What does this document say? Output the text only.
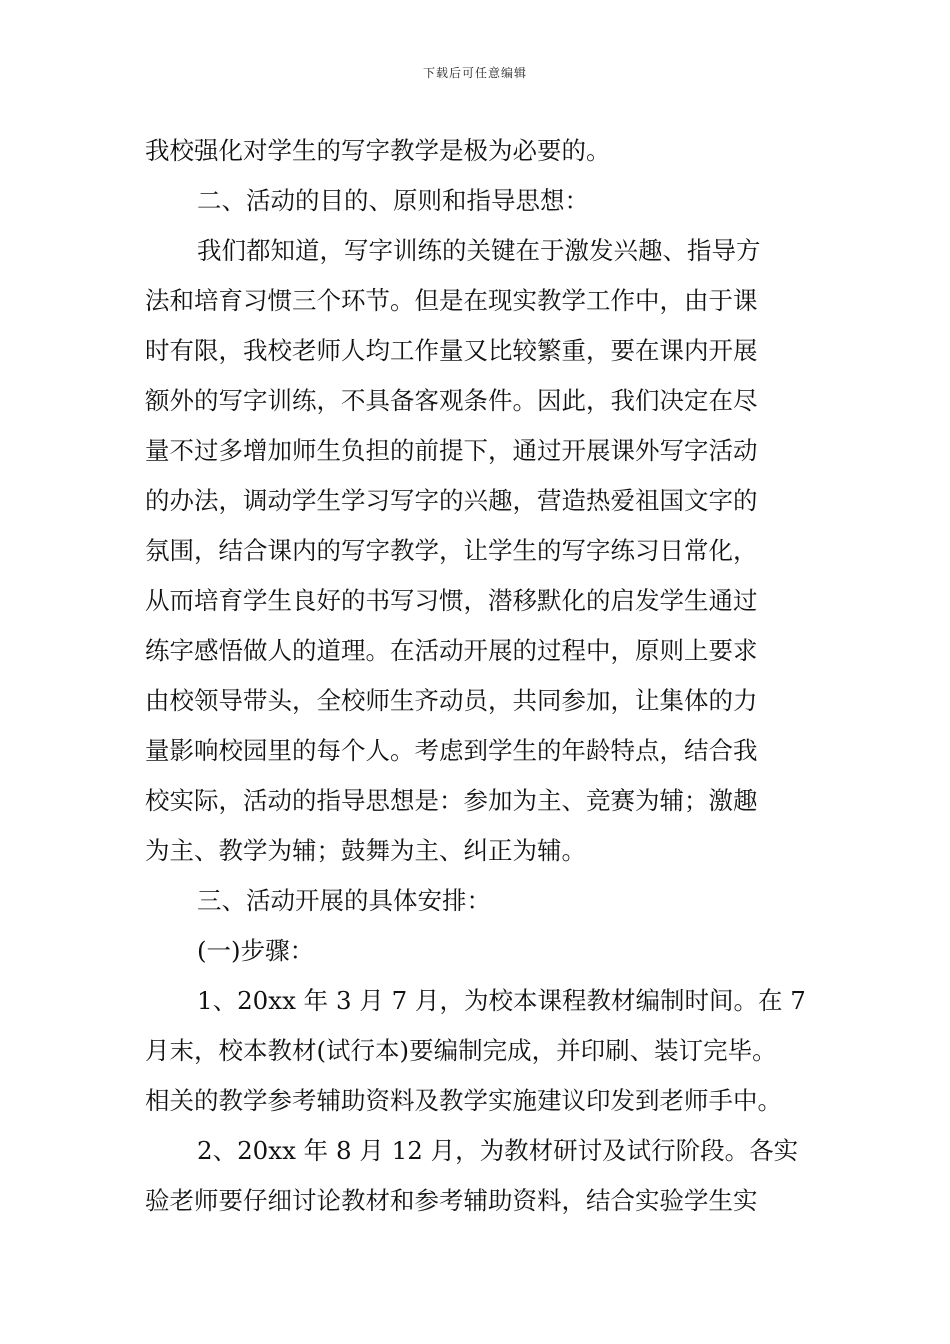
下载后可任意编辑
我校强化对学生的写字教学是极为必要的。
二、活动的目的、原则和指导思想：
我们都知道，写字训练的关键在于激发兴趣、指导方
法和培育习惯三个环节。但是在现实教学工作中，由于课
时有限，我校老师人均工作量又比较繁重，要在课内开展
额外的写字训练，不具备客观条件。因此，我们决定在尽
量不过多增加师生负担的前提下，通过开展课外写字活动
的办法，调动学生学习写字的兴趣，营造热爱祖国文字的
氛围，结合课内的写字教学，让学生的写字练习日常化，
从而培育学生良好的书写习惯，潜移默化的启发学生通过
练字感悟做人的道理。在活动开展的过程中，原则上要求
由校领导带头，全校师生齐动员，共同参加，让集体的力
量影响校园里的每个人。考虑到学生的年龄特点，结合我
校实际，活动的指导思想是：参加为主、竞赛为辅；激趣
为主、教学为辅；鼓舞为主、纠正为辅。
三、活动开展的具体安排：
(一)步骤：
1、20xx 年 3 月 7 月，为校本课程教材编制时间。在 7
月末，校本教材(试行本)要编制完成，并印刷、装订完毕。
相关的教学参考辅助资料及教学实施建议印发到老师手中。
2、20xx 年 8 月 12 月，为教材研讨及试行阶段。各实
验老师要仔细讨论教材和参考辅助资料，结合实验学生实
